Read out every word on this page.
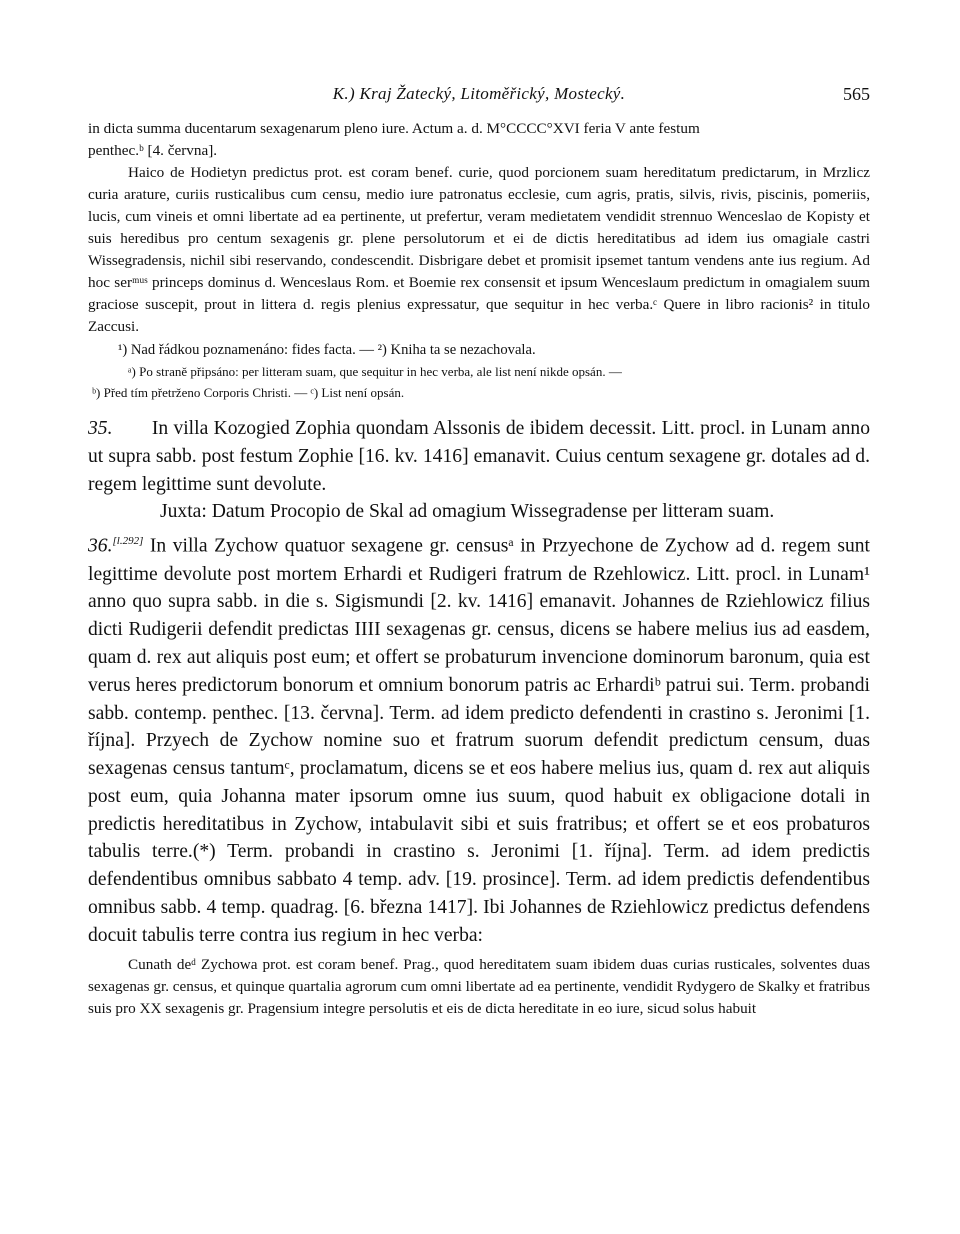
K.) Kraj Žatecký, Litoměřický, Mostecký.	565

in dicta summa ducentarum sexagenarum pleno iure. Actum a. d. M°CCCC°XVI feria V ante festum

penthec.ᵇ [4. června].

Haico de Hodietyn predictus prot. est coram benef. curie, quod porcionem suam hereditatum predictarum, in Mrzlicz curia arature, curiis rusticalibus cum censu, medio iure patronatus ecclesie, cum agris, pratis, silvis, rivis, piscinis, pomeriis, lucis, cum vineis et omni libertate ad ea pertinente, ut prefertur, veram medietatem vendidit strennuo Wenceslao de Kopisty et suis heredibus pro centum sexagenis gr. plene persolutorum et ei de dictis hereditatibus ad idem ius omagiale castri Wissegradensis, nichil sibi reservando, condescendit. Disbrigare debet et promisit ipsemet tantum vendens ante ius regium. Ad hoc serᵐᵘˢ princeps dominus d. Wenceslaus Rom. et Boemie rex consensit et ipsum Wenceslaum predictum in omagialem suum graciose suscepit, prout in littera d. regis plenius expressatur, que sequitur in hec verba.ᶜ Quere in libro racionis² in titulo Zaccusi.

¹) Nad řádkou poznamenáno: fides facta. — ²) Kniha ta se nezachovala.
ᵃ) Po straně připsáno: per litteram suam, que sequitur in hec verba, ale list není nikde opsán. —
ᵇ) Před tím přetrženo Corporis Christi. — ᶜ) List není opsán.

35. In villa Kozogied Zophia quondam Alssonis de ibidem decessit. Litt. procl. in Lunam anno ut supra sabb. post festum Zophie [16. kv. 1416] emanavit. Cuius centum sexagene gr. dotales ad d. regem legittime sunt devolute.

Juxta: Datum Procopio de Skal ad omagium Wissegradense per litteram suam.

36.[l.292] In villa Zychow quatuor sexagene gr. censusᵃ in Przyechone de Zychow ad d. regem sunt legittime devolute post mortem Erhardi et Rudigeri fratrum de Rzehlowicz. Litt. procl. in Lunam¹ anno quo supra sabb. in die s. Sigismundi [2. kv. 1416] emanavit. Johannes de Rziehlowicz filius dicti Rudigerii defendit predictas IIII sexagenas gr. census, dicens se habere melius ius ad easdem, quam d. rex aut aliquis post eum; et offert se probaturum invencione dominorum baronum, quia est verus heres predictorum bonorum et omnium bonorum patris ac Erhardiᵇ patrui sui. Term. probandi sabb. contemp. penthec. [13. června]. Term. ad idem predicto defendenti in crastino s. Jeronimi [1. října]. Przyech de Zychow nomine suo et fratrum suorum defendit predictum censum, duas sexagenas census tantumᶜ, proclamatum, dicens se et eos habere melius ius, quam d. rex aut aliquis post eum, quia Johanna mater ipsorum omne ius suum, quod habuit ex obligacione dotali in predictis hereditatibus in Zychow, intabulavit sibi et suis fratribus; et offert se et eos probaturos tabulis terre.(*) Term. probandi in crastino s. Jeronimi [1. října]. Term. ad idem predictis defendentibus omnibus sabbato 4 temp. adv. [19. prosince]. Term. ad idem predictis defendentibus omnibus sabb. 4 temp. quadrag. [6. března 1417]. Ibi Johannes de Rziehlowicz predictus defendens docuit tabulis terre contra ius regium in hec verba:

Cunath deᵈ Zychowa prot. est coram benef. Prag., quod hereditatem suam ibidem duas curias rusticales, solventes duas sexagenas gr. census, et quinque quartalia agrorum cum omni libertate ad ea pertinente, vendidit Rydygero de Skalky et fratribus suis pro XX sexagenis gr. Pragensium integre persolutis et eis de dicta hereditate in eo iure, sicud solus habuit
